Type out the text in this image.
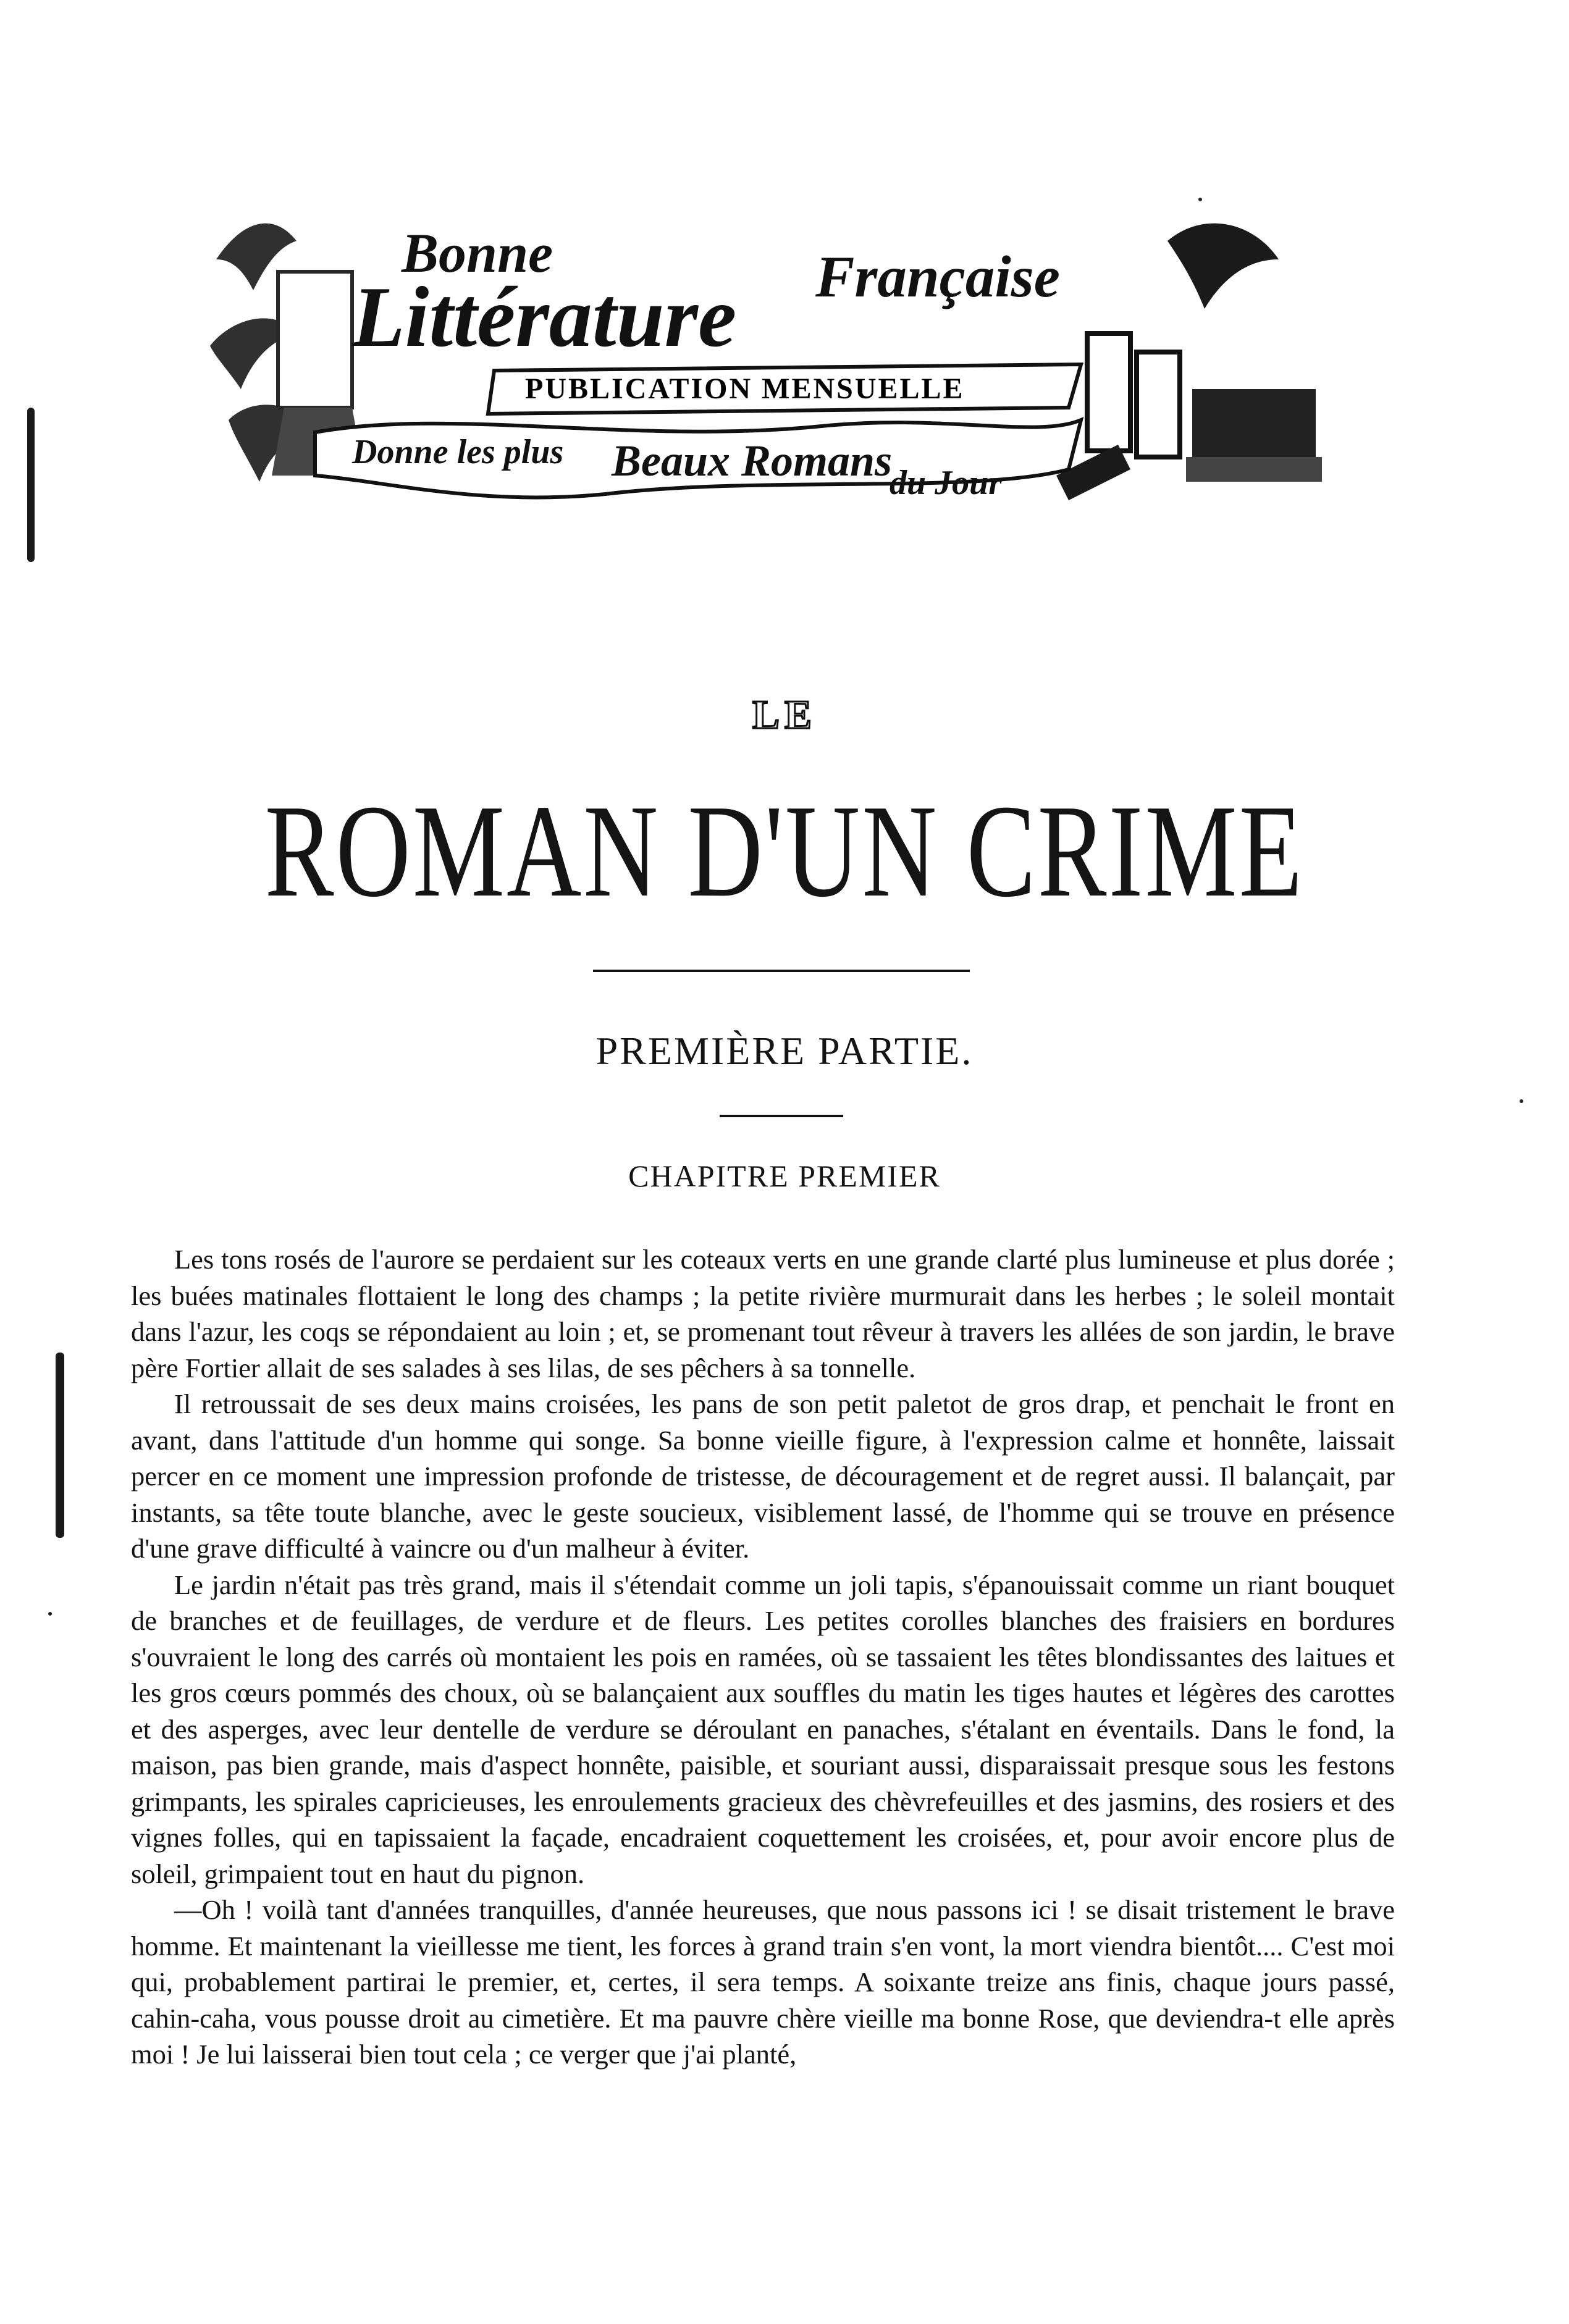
Bonne
Littérature Française
PUBLICATION MENSUELLE
Donne les plus Beaux Romans
du Jour
LE
ROMAN D'UN CRIME
PREMIÈRE PARTIE.
CHAPITRE PREMIER

Les tons rosés de l'aurore se perdaient sur les coteaux verts en une grande clarté plus lumineuse et plus dorée ; les buées matinales flottaient le long des champs ; la petite rivière murmurait dans les herbes ; le soleil montait dans l'azur, les coqs se répondaient au loin ; et, se promenant tout rêveur à travers les allées de son jardin, le brave père Fortier allait de ses salades à ses lilas, de ses pêchers à sa tonnelle.

Il retroussait de ses deux mains croisées, les pans de son petit paletot de gros drap, et penchait le front en avant, dans l'attitude d'un homme qui songe. Sa bonne vieille figure, à l'expression calme et honnête, laissait percer en ce moment une impression profonde de tristesse, de découragement et de regret aussi. Il balançait, par instants, sa tête toute blanche, avec le geste soucieux, visiblement lassé, de l'homme qui se trouve en présence d'une grave difficulté à vaincre ou d'un malheur à éviter.

Le jardin n'était pas très grand, mais il s'étendait comme un joli tapis, s'épanouissait comme un riant bouquet de branches et de feuillages, de verdure et de fleurs. Les petites corolles blanches des fraisiers en bordures s'ouvraient le long des carrés où montaient les pois en ramées, où se tassaient les têtes blondissantes des laitues et les gros cœurs pommés des choux, où se balançaient aux souffles du matin les tiges hautes et légères des carottes et des asperges, avec leur dentelle de verdure se déroulant en panaches, s'étalant en éventails. Dans le fond, la maison, pas bien grande, mais d'aspect honnête, paisible, et souriant aussi, disparaissait presque sous les festons grimpants, les spirales capricieuses, les enroulements gracieux des chèvrefeuilles et des jasmins, des rosiers et des vignes folles, qui en tapissaient la façade, encadraient coquettement les croisées, et, pour avoir encore plus de soleil, grimpaient tout en haut du pignon.

—Oh ! voilà tant d'années tranquilles, d'année heureuses, que nous passons ici ! se disait tristement le brave homme. Et maintenant la vieillesse me tient, les forces à grand train s'en vont, la mort viendra bientôt.... C'est moi qui, probablement partirai le premier, et, certes, il sera temps. A soixante treize ans finis, chaque jours passé, cahin-caha, vous pousse droit au cimetière. Et ma pauvre chère vieille ma bonne Rose, que deviendra-t elle après moi ! Je lui laisserai bien tout cela ; ce verger que j'ai planté,
